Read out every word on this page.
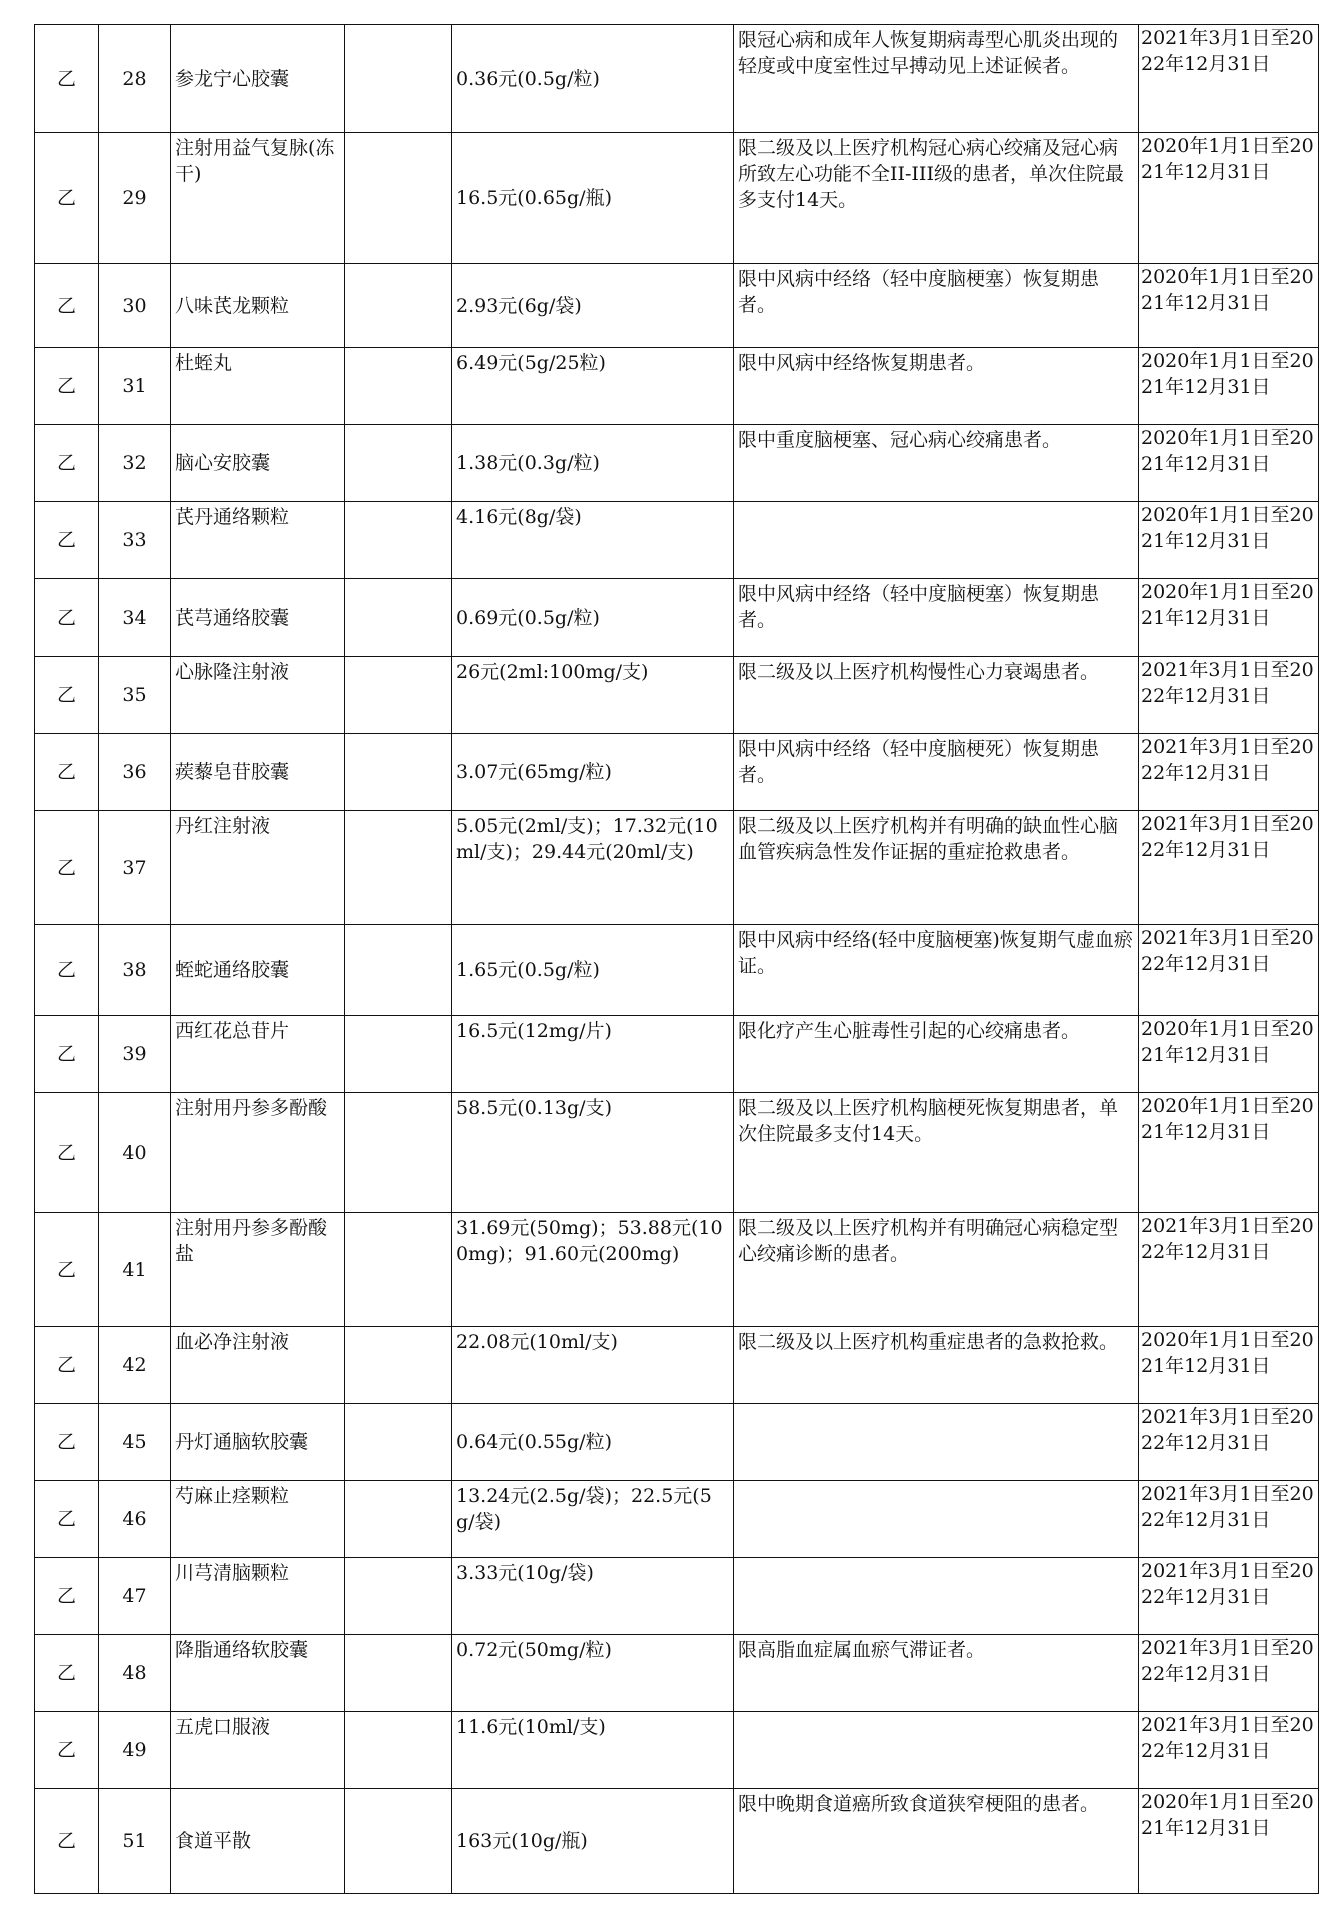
乙	28	参龙宁心胶囊		0.36元(0.5g/粒)	限冠心病和成年人恢复期病毒型心肌炎出现的轻度或中度室性过早搏动见上述证候者。	2021年3月1日至2022年12月31日
乙	29	注射用益气复脉(冻干)		16.5元(0.65g/瓶)	限二级及以上医疗机构冠心病心绞痛及冠心病所致左心功能不全II-III级的患者，单次住院最多支付14天。	2020年1月1日至2021年12月31日
乙	30	八味芪龙颗粒		2.93元(6g/袋)	限中风病中经络（轻中度脑梗塞）恢复期患者。	2020年1月1日至2021年12月31日
乙	31	杜蛭丸		6.49元(5g/25粒)	限中风病中经络恢复期患者。	2020年1月1日至2021年12月31日
乙	32	脑心安胶囊		1.38元(0.3g/粒)	限中重度脑梗塞、冠心病心绞痛患者。	2020年1月1日至2021年12月31日
乙	33	芪丹通络颗粒		4.16元(8g/袋)		2020年1月1日至2021年12月31日
乙	34	芪芎通络胶囊		0.69元(0.5g/粒)	限中风病中经络（轻中度脑梗塞）恢复期患者。	2020年1月1日至2021年12月31日
乙	35	心脉隆注射液		26元(2ml:100mg/支)	限二级及以上医疗机构慢性心力衰竭患者。	2021年3月1日至2022年12月31日
乙	36	蒺藜皂苷胶囊		3.07元(65mg/粒)	限中风病中经络（轻中度脑梗死）恢复期患者。	2021年3月1日至2022年12月31日
乙	37	丹红注射液		5.05元(2ml/支)；17.32元(10ml/支)；29.44元(20ml/支)	限二级及以上医疗机构并有明确的缺血性心脑血管疾病急性发作证据的重症抢救患者。	2021年3月1日至2022年12月31日
乙	38	蛭蛇通络胶囊		1.65元(0.5g/粒)	限中风病中经络(轻中度脑梗塞)恢复期气虚血瘀证。	2021年3月1日至2022年12月31日
乙	39	西红花总苷片		16.5元(12mg/片)	限化疗产生心脏毒性引起的心绞痛患者。	2020年1月1日至2021年12月31日
乙	40	注射用丹参多酚酸		58.5元(0.13g/支)	限二级及以上医疗机构脑梗死恢复期患者，单次住院最多支付14天。	2020年1月1日至2021年12月31日
乙	41	注射用丹参多酚酸盐		31.69元(50mg)；53.88元(100mg)；91.60元(200mg)	限二级及以上医疗机构并有明确冠心病稳定型心绞痛诊断的患者。	2021年3月1日至2022年12月31日
乙	42	血必净注射液		22.08元(10ml/支)	限二级及以上医疗机构重症患者的急救抢救。	2020年1月1日至2021年12月31日
乙	45	丹灯通脑软胶囊		0.64元(0.55g/粒)		2021年3月1日至2022年12月31日
乙	46	芍麻止痉颗粒		13.24元(2.5g/袋)；22.5元(5g/袋)		2021年3月1日至2022年12月31日
乙	47	川芎清脑颗粒		3.33元(10g/袋)		2021年3月1日至2022年12月31日
乙	48	降脂通络软胶囊		0.72元(50mg/粒)	限高脂血症属血瘀气滞证者。	2021年3月1日至2022年12月31日
乙	49	五虎口服液		11.6元(10ml/支)		2021年3月1日至2022年12月31日
乙	51	食道平散		163元(10g/瓶)	限中晚期食道癌所致食道狭窄梗阻的患者。	2020年1月1日至2021年12月31日
